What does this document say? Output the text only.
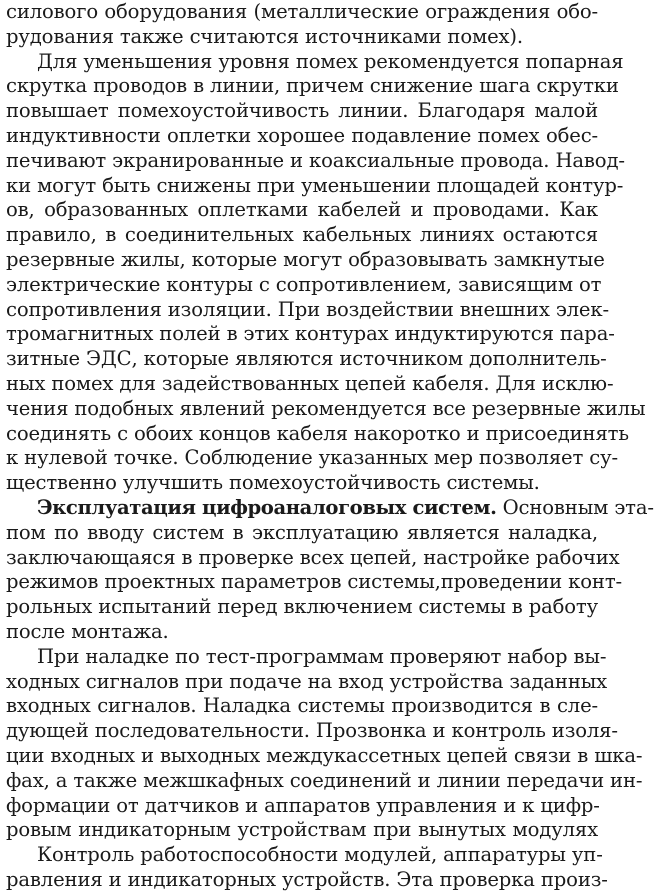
силового оборудования (металлические ограждения обо-
рудования также считаются источниками помех).
Для уменьшения уровня помех рекомендуется попарная
скрутка проводов в линии, причем снижение шага скрутки
повышает помехоустойчивость линии. Благодаря малой
индуктивности оплетки хорошее подавление помех обес-
печивают экранированные и коаксиальные провода. Навод-
ки могут быть снижены при уменьшении площадей контур-
ов, образованных оплетками кабелей и проводами. Как
правило, в соединительных кабельных линиях остаются
резервные жилы, которые могут образовывать замкнутые
электрические контуры с сопротивлением, зависящим от
сопротивления изоляции. При воздействии внешних элек-
тромагнитных полей в этих контурах индуктируются пара-
зитные ЭДС, которые являются источником дополнитель-
ных помех для задействованных цепей кабеля. Для исклю-
чения подобных явлений рекомендуется все резервные жилы
соединять с обоих концов кабеля накоротко и присоединять
к нулевой точке. Соблюдение указанных мер позволяет су-
щественно улучшить помехоустойчивость системы.
Эксплуатация цифроаналоговых систем. Основным эта-
пом по вводу систем в эксплуатацию является наладка,
заключающаяся в проверке всех цепей, настройке рабочих
режимов проектных параметров системы,проведении конт-
рольных испытаний перед включением системы в работу
после монтажа.
При наладке по тест-программам проверяют набор вы-
ходных сигналов при подаче на вход устройства заданных
входных сигналов. Наладка системы производится в сле-
дующей последовательности. Прозвонка и контроль изоля-
ции входных и выходных междукассетных цепей связи в шка-
фах, а также межшкафных соединений и линии передачи ин-
формации от датчиков и аппаратов управления и к цифр-
ровым индикаторным устройствам при вынутых модулях
Контроль работоспособности модулей, аппаратуры уп-
равления и индикаторных устройств. Эта проверка произ-
